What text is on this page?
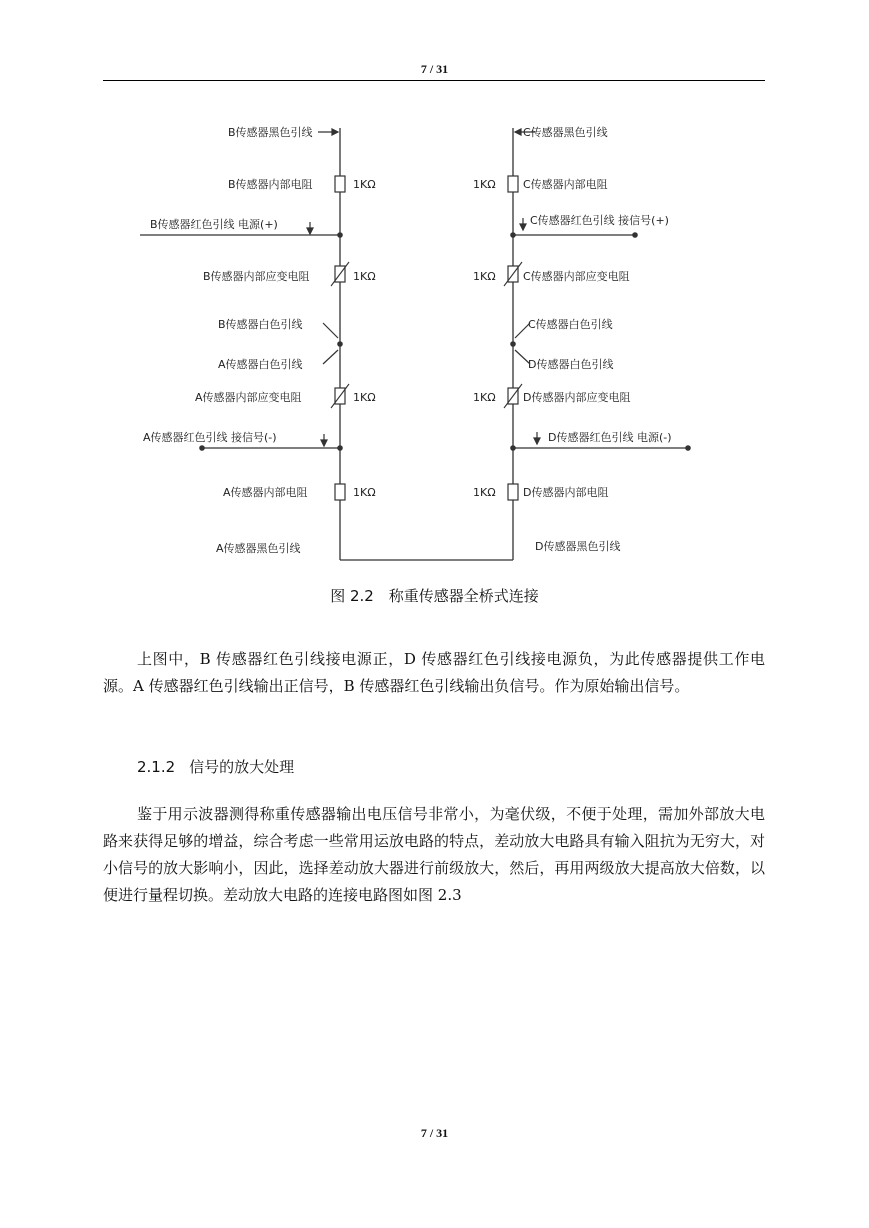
7 / 31
B传感器黑色引线
B传感器内部电阻
B传感器红色引线 电源(+)
B传感器内部应变电阻
B传感器白色引线
A传感器白色引线
A传感器内部应变电阻
A传感器红色引线 接信号(-)
A传感器内部电阻
A传感器黑色引线
C传感器黑色引线
C传感器内部电阻
C传感器红色引线 接信号(+)
C传感器内部应变电阻
C传感器白色引线
D传感器白色引线
D传感器内部应变电阻
D传感器红色引线 电源(-)
D传感器内部电阻
D传感器黑色引线
1KΩ	1KΩ
1KΩ	1KΩ
1KΩ	1KΩ
1KΩ	1KΩ
图 2.2　称重传感器全桥式连接

上图中，B 传感器红色引线接电源正，D 传感器红色引线接电源负，为此传感器提供工作电源。A 传感器红色引线输出正信号，B 传感器红色引线输出负信号。作为原始输出信号。

2.1.2 信号的放大处理

鉴于用示波器测得称重传感器输出电压信号非常小，为毫伏级，不便于处理，需加外部放大电路来获得足够的增益，综合考虑一些常用运放电路的特点，差动放大电路具有输入阻抗为无穷大，对小信号的放大影响小，因此，选择差动放大器进行前级放大，然后，再用两级放大提高放大倍数，以便进行量程切换。差动放大电路的连接电路图如图 2.3

7 / 31
